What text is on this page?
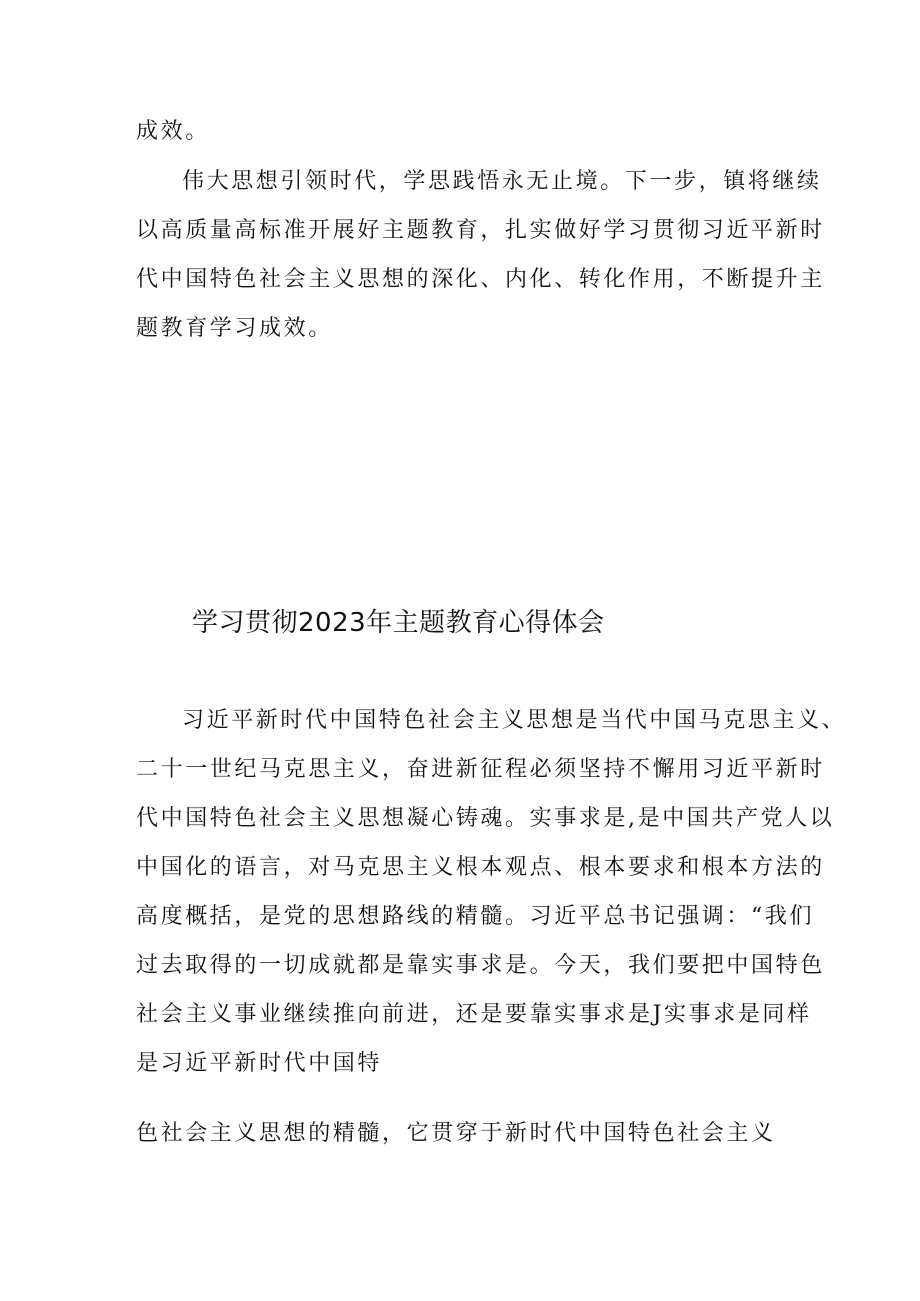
成效。
伟大思想引领时代，学思践悟永无止境。下一步，镇将继续
以高质量高标准开展好主题教育，扎实做好学习贯彻习近平新时
代中国特色社会主义思想的深化、内化、转化作用，不断提升主
题教育学习成效。
学习贯彻2023年主题教育心得体会
习近平新时代中国特色社会主义思想是当代中国马克思主义、
二十一世纪马克思主义，奋进新征程必须坚持不懈用习近平新时
代中国特色社会主义思想凝心铸魂。实事求是,是中国共产党人以
中国化的语言，对马克思主义根本观点、根本要求和根本方法的
高度概括，是党的思想路线的精髓。习近平总书记强调：“我们
过去取得的一切成就都是靠实事求是。今天，我们要把中国特色
社会主义事业继续推向前进，还是要靠实事求是J实事求是同样
是习近平新时代中国特
色社会主义思想的精髓，它贯穿于新时代中国特色社会主义
